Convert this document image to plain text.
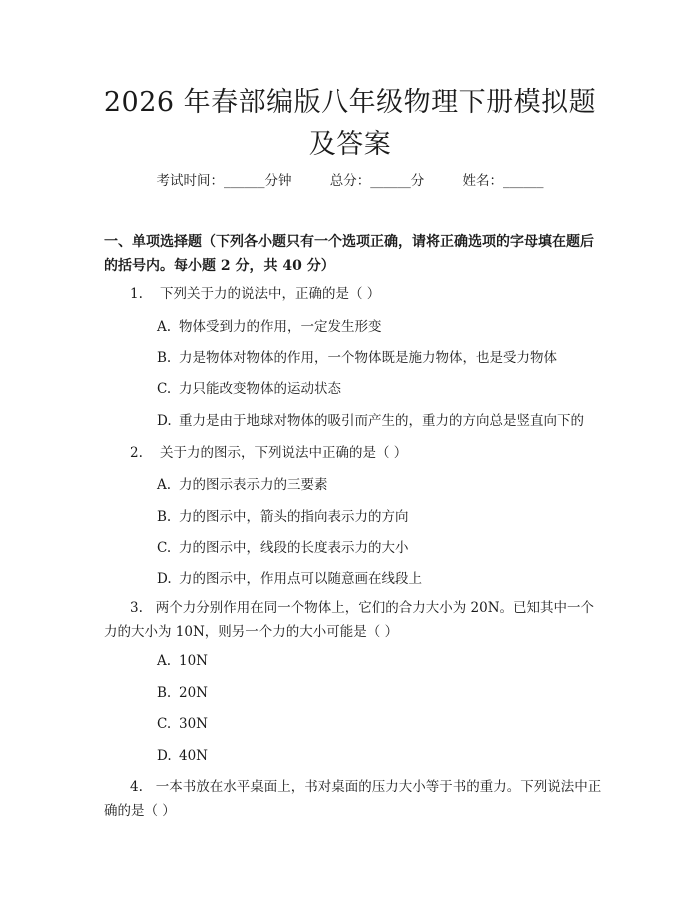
2026 年春部编版八年级物理下册模拟题及答案
考试时间：______分钟	总分：______分	姓名：______
一、单项选择题（下列各小题只有一个选项正确，请将正确选项的字母填在题后的括号内。每小题 2 分，共 40 分）
1. 下列关于力的说法中，正确的是（ ）
A. 物体受到力的作用，一定发生形变
B. 力是物体对物体的作用，一个物体既是施力物体，也是受力物体
C. 力只能改变物体的运动状态
D. 重力是由于地球对物体的吸引而产生的，重力的方向总是竖直向下的
2. 关于力的图示，下列说法中正确的是（ ）
A. 力的图示表示力的三要素
B. 力的图示中，箭头的指向表示力的方向
C. 力的图示中，线段的长度表示力的大小
D. 力的图示中，作用点可以随意画在线段上
3. 两个力分别作用在同一个物体上，它们的合力大小为 20N。已知其中一个力的大小为 10N，则另一个力的大小可能是（ ）
A. 10N
B. 20N
C. 30N
D. 40N
4. 一本书放在水平桌面上，书对桌面的压力大小等于书的重力。下列说法中正确的是（ ）
